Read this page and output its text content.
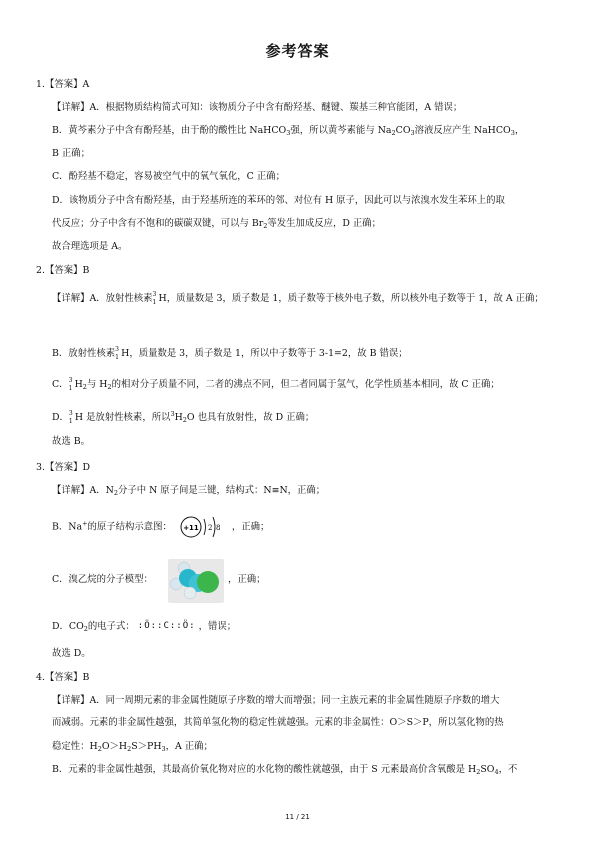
参考答案
1.【答案】A
【详解】A．根据物质结构简式可知：该物质分子中含有酚羟基、醚键、羰基三种官能团，A 错误；
B．黄芩素分子中含有酚羟基，由于酚的酸性比 NaHCO$_3$强，所以黄芩素能与 $Na_2CO_3$溶液反应产生 NaHCO$_3$，
B 正确；
C．酚羟基不稳定，容易被空气中的氧气氧化，C 正确；
D．该物质分子中含有酚羟基，由于羟基所连的苯环的邻、对位有 H 原子，因此可以与浓溴水发生苯环上的取
代反应；分子中含有不饱和的碳碳双键，可以与 $Br_2$等发生加成反应，D 正确；
故合理选项是 A。
2.【答案】B
【详解】A．放射性核素 3
1 H，质量数是 3，质子数是 1，质子数等于核外电子数，所以核外电子数等于 1，故 A 正确；
B．放射性核素 3
1 H，质量数是 3，质子数是 1，所以中子数等于 3-1=2，故 B 错误；
C． 3
1 $H_2$与 $H_2$的相对分子质量不同，二者的沸点不同，但二者同属于氢气，化学性质基本相同，故 C 正确；
D． 3
1 H 是放射性核素，所以$^3H_2O$ 也具有放射性，故 D 正确；
故选 B。
3.【答案】D
【详解】A．$N_2$分子中 N 原子间是三键，结构式：N≡N，正确；
B．Na+的原子结构示意图： +11 2 8 ，正确；
C．溴乙烷的分子模型：	，正确；
D．$CO_2$的电子式： :Ö::C::Ö: ，错误；
故选 D。
4.【答案】B
【详解】A．同一周期元素的非金属性随原子序数的增大而增强；同一主族元素的非金属性随原子序数的增大
而减弱。元素的非金属性越强，其简单氢化物的稳定性就越强。元素的非金属性：O＞S＞P，所以氢化物的热
稳定性：$H_2O>H_2S>PH_3$，A 正确；
B．元素的非金属性越强，其最高价氧化物对应的水化物的酸性就越强，由于 S 元素最高价含氧酸是 $H_2SO_4$，不
11 / 21
